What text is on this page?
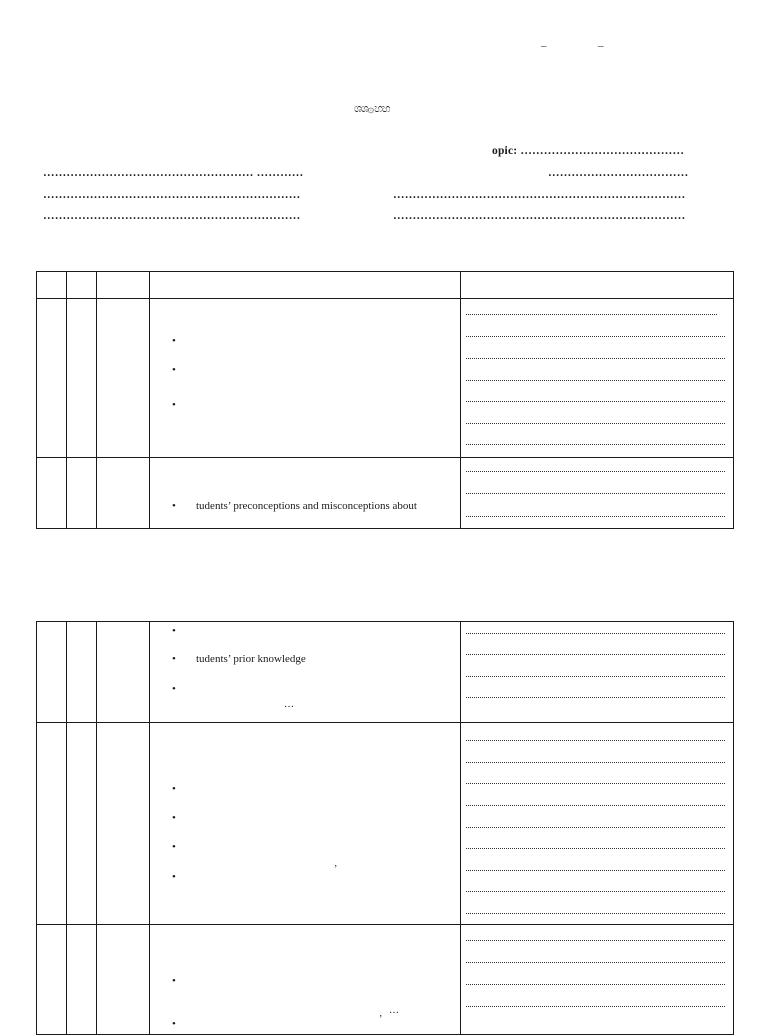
–	–
ශශ۞හහ
opic: ……………………………………
……………………………………………… …………	………………………………
…………………………………………………………	…………………………………………………………………
…………………………………………………………	…………………………………………………………………

			•
•
•	

			• tudents’ preconceptions and misconceptions about	

			•
• tudents’ prior knowledge
•
…	

			•
•
•
•
’	

			•
• ’
…	
